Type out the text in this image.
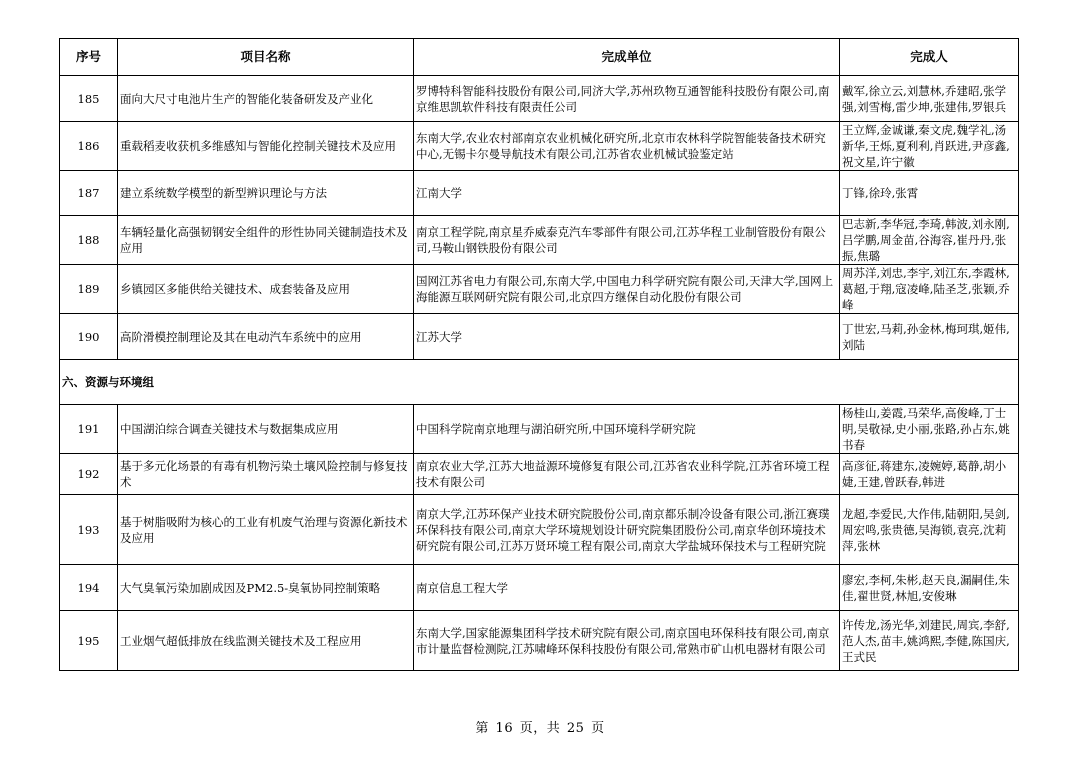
序号	项目名称	完成单位	完成人
185	面向大尺寸电池片生产的智能化装备研发及产业化	罗博特科智能科技股份有限公司,同济大学,苏州玖物互通智能科技股份有限公司,南京维思凯软件科技有限责任公司	戴军,徐立云,刘慧林,乔建昭,张学强,刘雪梅,雷少坤,张建伟,罗银兵
186	重载稻麦收获机多维感知与智能化控制关键技术及应用	东南大学,农业农村部南京农业机械化研究所,北京市农林科学院智能装备技术研究中心,无锡卡尔曼导航技术有限公司,江苏省农业机械试验鉴定站	王立辉,金诚谦,秦文虎,魏学礼,汤新华,王烁,夏利利,肖跃进,尹彦鑫,祝文星,许宁徽
187	建立系统数学模型的新型辨识理论与方法	江南大学	丁锋,徐玲,张霄
188	车辆轻量化高强韧钢安全组件的形性协同关键制造技术及应用	南京工程学院,南京星乔威泰克汽车零部件有限公司,江苏华程工业制管股份有限公司,马鞍山钢铁股份有限公司	巴志新,李华冠,李琦,韩波,刘永刚,吕学鹏,周金苗,谷海容,崔丹丹,张振,焦璐
189	乡镇园区多能供给关键技术、成套装备及应用	国网江苏省电力有限公司,东南大学,中国电力科学研究院有限公司,天津大学,国网上海能源互联网研究院有限公司,北京四方继保自动化股份有限公司	周苏洋,刘忠,李宇,刘江东,李霞林,葛超,于翔,寇凌峰,陆圣芝,张颖,乔峰
190	高阶滑模控制理论及其在电动汽车系统中的应用	江苏大学	丁世宏,马莉,孙金林,梅珂琪,姬伟,刘陆
六、资源与环境组			
191	中国湖泊综合调查关键技术与数据集成应用	中国科学院南京地理与湖泊研究所,中国环境科学研究院	杨桂山,姜霞,马荣华,高俊峰,丁士明,吴敬禄,史小丽,张路,孙占东,姚书春
192	基于多元化场景的有毒有机物污染土壤风险控制与修复技术	南京农业大学,江苏大地益源环境修复有限公司,江苏省农业科学院,江苏省环境工程技术有限公司	高彦征,蒋建东,凌婉婷,葛静,胡小婕,王建,曾跃春,韩进
193	基于树脂吸附为核心的工业有机废气治理与资源化新技术及应用	南京大学,江苏环保产业技术研究院股份公司,南京都乐制冷设备有限公司,浙江赛璞环保科技有限公司,南京大学环境规划设计研究院集团股份公司,南京华创环境技术研究院有限公司,江苏万贤环境工程有限公司,南京大学盐城环保技术与工程研究院	龙超,李爱民,大作伟,陆朝阳,吴剑,周宏鸣,张贵德,吴海锁,袁亮,沈莉萍,张林
194	大气臭氧污染加剧成因及PM2.5-臭氧协同控制策略	南京信息工程大学	廖宏,李柯,朱彬,赵天良,漏嗣佳,朱佳,翟世贤,林旭,安俊琳
195	工业烟气超低排放在线监测关键技术及工程应用	东南大学,国家能源集团科学技术研究院有限公司,南京国电环保科技有限公司,南京市计量监督检测院,江苏啸峰环保科技股份有限公司,常熟市矿山机电器材有限公司	许传龙,汤光华,刘建民,周宾,李舒,范人杰,苗丰,姚鸿熙,李健,陈国庆,王式民
第 16 页，共 25 页
